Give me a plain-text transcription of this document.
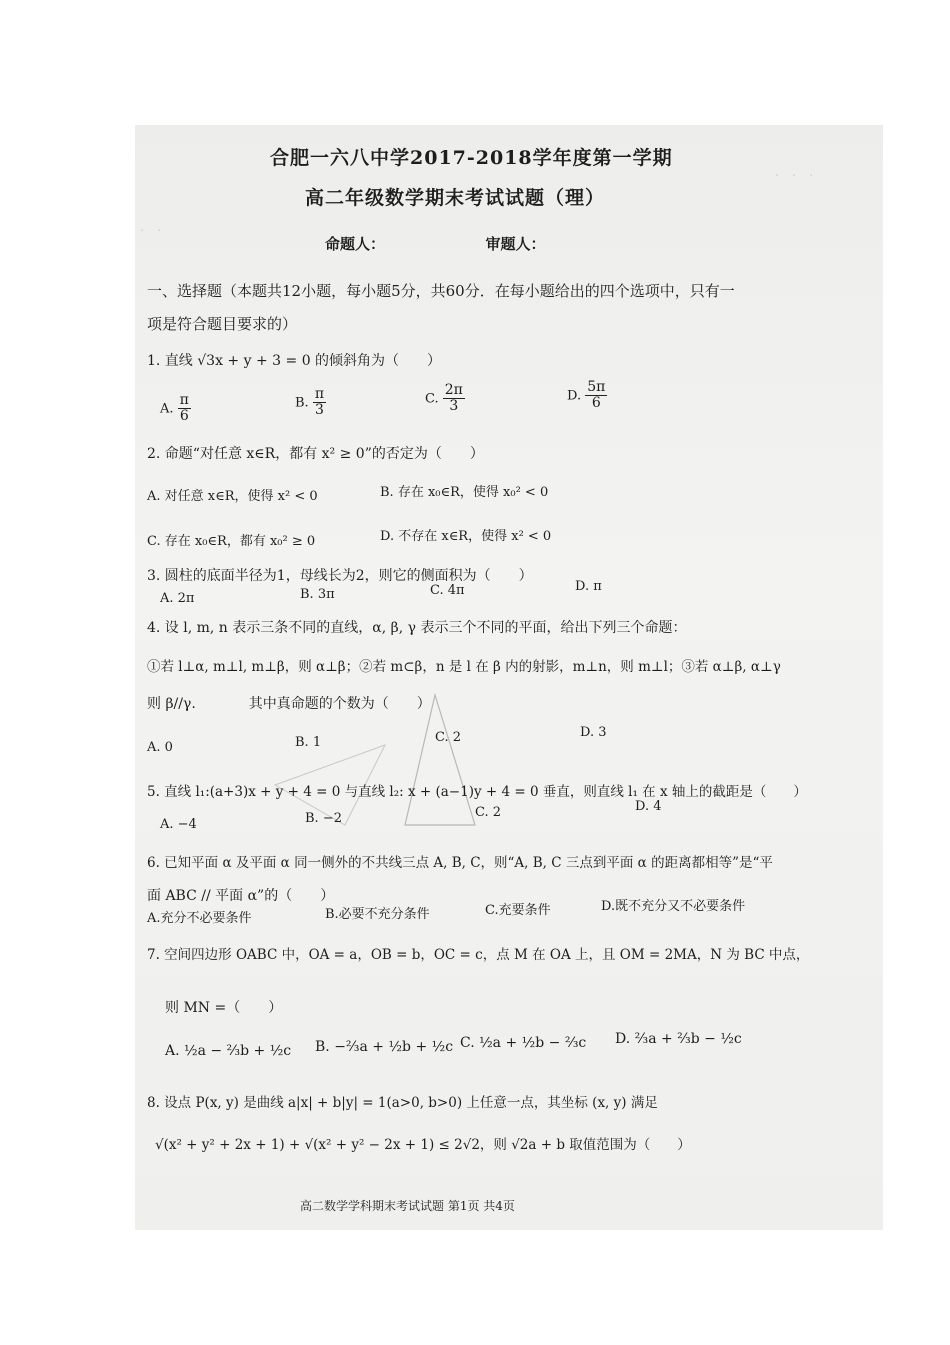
·　·　·
·　·
合肥一六八中学2017-2018学年度第一学期
高二年级数学期末考试试题（理）
命题人：	审题人：
一、选择题（本题共12小题，每小题5分，共60分．在每小题给出的四个选项中，只有一
项是符合题目要求的）
1. 直线 √3x + y + 3 = 0 的倾斜角为（　　）
A. $\frac{\pi}{6}$	B. $\frac{\pi}{3}$	C. $\frac{2\pi}{3}$	D. $\frac{5\pi}{6}$
2. 命题“对任意 x∈R，都有 x² ≥ 0”的否定为（　　）
A. 对任意 x∈R，使得 x² < 0	B. 存在 x₀∈R，使得 x₀² < 0
C. 存在 x₀∈R，都有 x₀² ≥ 0	D. 不存在 x∈R，使得 x² < 0
3. 圆柱的底面半径为1，母线长为2，则它的侧面积为（　　）
A. 2π	B. 3π	C. 4π	D. π
4. 设 l, m, n 表示三条不同的直线，α, β, γ 表示三个不同的平面，给出下列三个命题：
①若 l⊥α, m⊥l, m⊥β，则 α⊥β；②若 m⊂β，n 是 l 在 β 内的射影，m⊥n，则 m⊥l；③若 α⊥β, α⊥γ
则 β//γ.	其中真命题的个数为（　　）
A. 0	B. 1	C. 2	D. 3
5. 直线 l₁:(a+3)x + y + 4 = 0 与直线 l₂: x + (a−1)y + 4 = 0 垂直，则直线 l₁ 在 x 轴上的截距是（　　）
A. −4	B. −2	C. 2	D. 4
6. 已知平面 α 及平面 α 同一侧外的不共线三点 A, B, C，则“A, B, C 三点到平面 α 的距离都相等”是“平
面 ABC // 平面 α”的（　　）
A.充分不必要条件	B.必要不充分条件	C.充要条件	D.既不充分又不必要条件
7. 空间四边形 OABC 中，OA = a，OB = b，OC = c，点 M 在 OA 上，且 OM = 2MA，N 为 BC 中点，
则 MN =（　　）
A. ½a − ⅔b + ½c B. −⅔a + ½b + ½c C. ½a + ½b − ⅔c D. ⅔a + ⅔b − ½c
8. 设点 P(x, y) 是曲线 a|x| + b|y| = 1(a>0, b>0) 上任意一点，其坐标 (x, y) 满足
√(x² + y² + 2x + 1) + √(x² + y² − 2x + 1) ≤ 2√2，则 √2a + b 取值范围为（　　）
高二数学学科期末考试试题 第1页 共4页
